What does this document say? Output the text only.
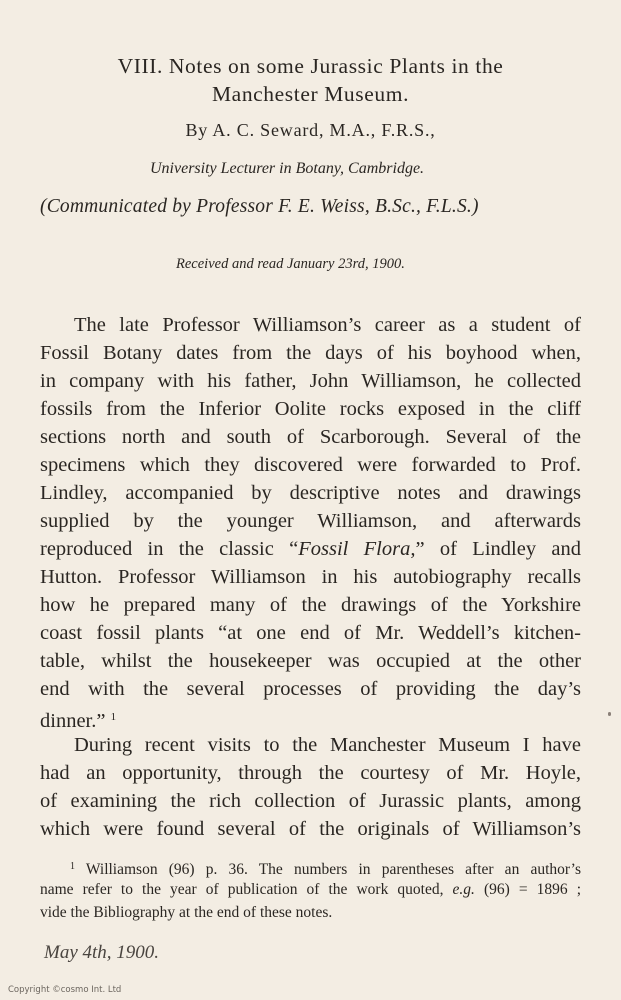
VIII. Notes on some Jurassic Plants in the
Manchester Museum.
By A. C. Seward, M.A., F.R.S.,
University Lecturer in Botany, Cambridge.
(Communicated by Professor F. E. Weiss, B.Sc., F.L.S.)
Received and read January 23rd, 1900.
The late Professor Williamson’s career as a student of
Fossil Botany dates from the days of his boyhood when,
in company with his father, John Williamson, he collected
fossils from the Inferior Oolite rocks exposed in the cliff
sections north and south of Scarborough. Several of the
specimens which they discovered were forwarded to Prof.
Lindley, accompanied by descriptive notes and drawings
supplied by the younger Williamson, and afterwards
reproduced in the classic “Fossil Flora,” of Lindley and
Hutton. Professor Williamson in his autobiography recalls
how he prepared many of the drawings of the Yorkshire
coast fossil plants “at one end of Mr. Weddell’s kitchen-
table, whilst the housekeeper was occupied at the other
end with the several processes of providing the day’s
dinner.” $^1$
During recent visits to the Manchester Museum I have
had an opportunity, through the courtesy of Mr. Hoyle,
of examining the rich collection of Jurassic plants, among
which were found several of the originals of Williamson’s
$^1$ Williamson (96) p. 36. The numbers in parentheses after an author’s
name refer to the year of publication of the work quoted, e.g. (96) = 1896 ;
vide the Bibliography at the end of these notes.
May 4th, 1900.
Copyright ©cosmo Int. Ltd
